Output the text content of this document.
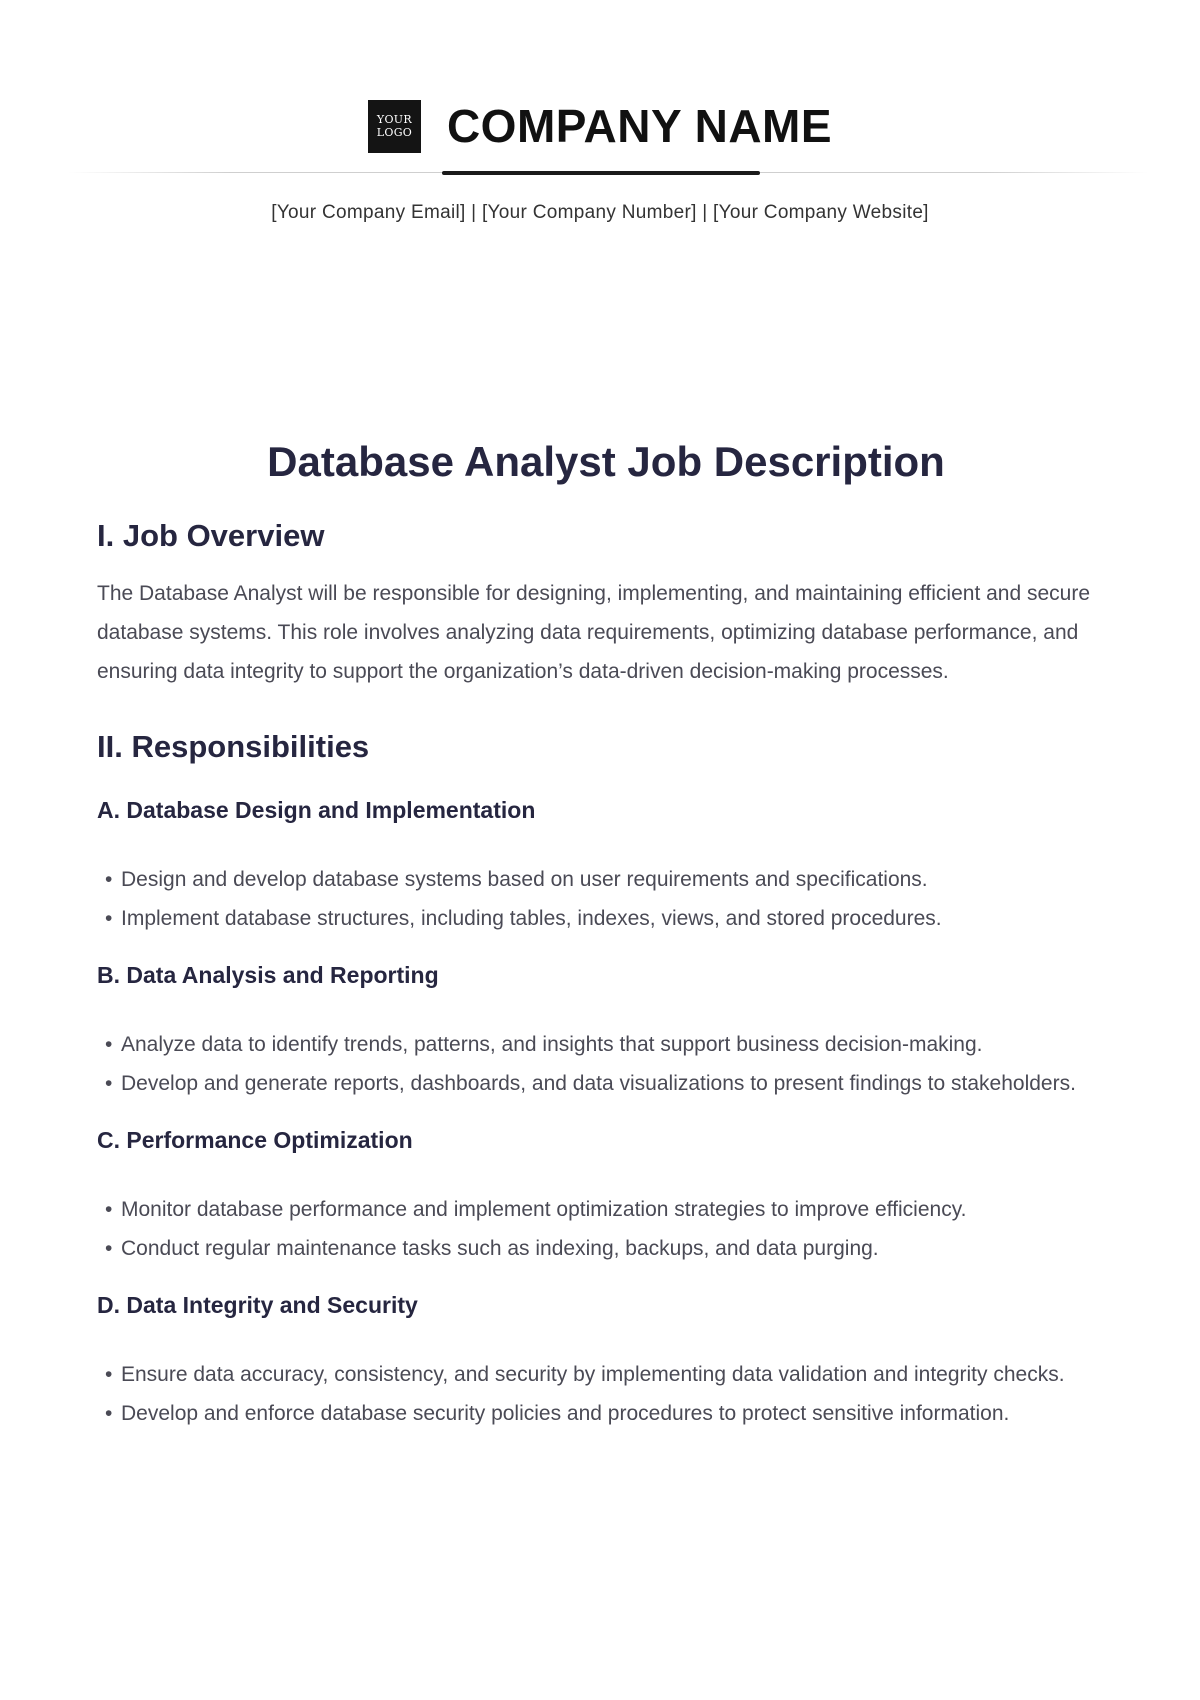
YOUR
LOGO COMPANY NAME
[Your Company Email] | [Your Company Number] | [Your Company Website]
Database Analyst Job Description
I. Job Overview

The Database Analyst will be responsible for designing, implementing, and maintaining efficient and secure database systems. This role involves analyzing data requirements, optimizing database performance, and ensuring data integrity to support the organization’s data-driven decision-making processes.

II. Responsibilities
A. Database Design and Implementation
• Design and develop database systems based on user requirements and specifications.
• Implement database structures, including tables, indexes, views, and stored procedures.
B. Data Analysis and Reporting
• Analyze data to identify trends, patterns, and insights that support business decision-making.
• Develop and generate reports, dashboards, and data visualizations to present findings to stakeholders.
C. Performance Optimization
• Monitor database performance and implement optimization strategies to improve efficiency.
• Conduct regular maintenance tasks such as indexing, backups, and data purging.
D. Data Integrity and Security
• Ensure data accuracy, consistency, and security by implementing data validation and integrity checks.
• Develop and enforce database security policies and procedures to protect sensitive information.
